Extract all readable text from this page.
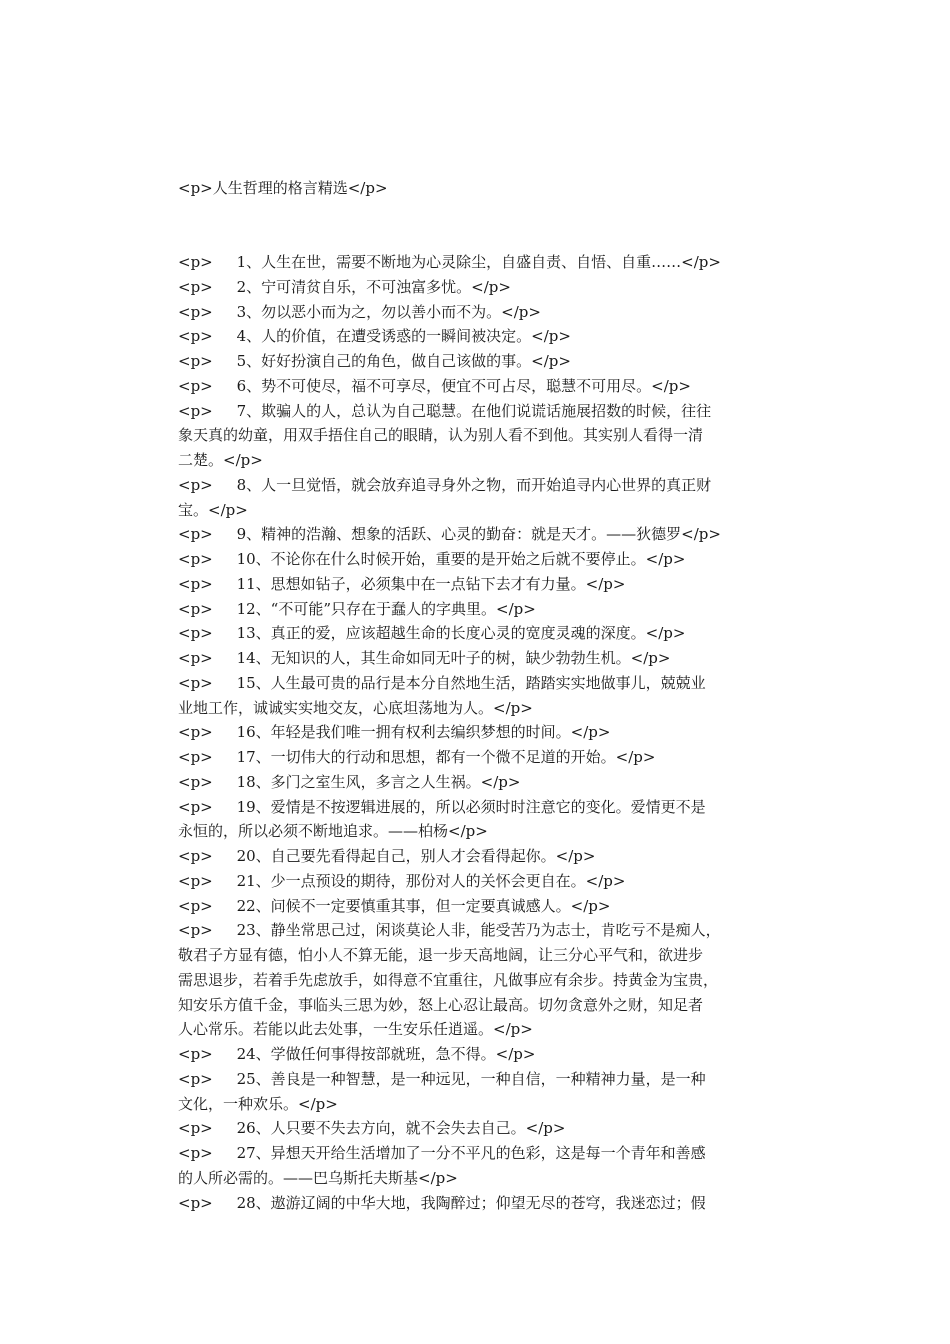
<p>人生哲理的格言精选</p>
<p>     1、人生在世，需要不断地为心灵除尘，自盛自责、自悟、自重……</p>
<p>     2、宁可清贫自乐，不可浊富多忧。</p>
<p>     3、勿以恶小而为之，勿以善小而不为。</p>
<p>     4、人的价值，在遭受诱惑的一瞬间被决定。</p>
<p>     5、好好扮演自己的角色，做自己该做的事。</p>
<p>     6、势不可使尽，福不可享尽，便宜不可占尽，聪慧不可用尽。</p>
<p>     7、欺骗人的人，总认为自己聪慧。在他们说谎话施展招数的时候，往往
象天真的幼童，用双手捂住自己的眼睛，认为别人看不到他。其实别人看得一清
二楚。</p>
<p>     8、人一旦觉悟，就会放弃追寻身外之物，而开始追寻内心世界的真正财
宝。</p>
<p>     9、精神的浩瀚、想象的活跃、心灵的勤奋：就是天才。——狄德罗</p>
<p>     10、不论你在什么时候开始，重要的是开始之后就不要停止。</p>
<p>     11、思想如钻子，必须集中在一点钻下去才有力量。</p>
<p>     12、“不可能”只存在于蠢人的字典里。</p>
<p>     13、真正的爱，应该超越生命的长度心灵的宽度灵魂的深度。</p>
<p>     14、无知识的人，其生命如同无叶子的树，缺少勃勃生机。</p>
<p>     15、人生最可贵的品行是本分自然地生活，踏踏实实地做事儿，兢兢业
业地工作，诚诚实实地交友，心底坦荡地为人。</p>
<p>     16、年轻是我们唯一拥有权利去编织梦想的时间。</p>
<p>     17、一切伟大的行动和思想，都有一个微不足道的开始。</p>
<p>     18、多门之室生风，多言之人生祸。</p>
<p>     19、爱情是不按逻辑进展的，所以必须时时注意它的变化。爱情更不是
永恒的，所以必须不断地追求。——柏杨</p>
<p>     20、自己要先看得起自己，别人才会看得起你。</p>
<p>     21、少一点预设的期待，那份对人的关怀会更自在。</p>
<p>     22、问候不一定要慎重其事，但一定要真诚感人。</p>
<p>     23、静坐常思己过，闲谈莫论人非，能受苦乃为志士，肯吃亏不是痴人，
敬君子方显有德，怕小人不算无能，退一步天高地阔，让三分心平气和，欲进步
需思退步，若着手先虑放手，如得意不宜重往，凡做事应有余步。持黄金为宝贵，
知安乐方值千金，事临头三思为妙，怒上心忍让最高。切勿贪意外之财，知足者
人心常乐。若能以此去处事，一生安乐任逍遥。</p>
<p>     24、学做任何事得按部就班，急不得。</p>
<p>     25、善良是一种智慧，是一种远见，一种自信，一种精神力量，是一种
文化，一种欢乐。</p>
<p>     26、人只要不失去方向，就不会失去自己。</p>
<p>     27、异想天开给生活增加了一分不平凡的色彩，这是每一个青年和善感
的人所必需的。——巴乌斯托夫斯基</p>
<p>     28、遨游辽阔的中华大地，我陶醉过；仰望无尽的苍穹，我迷恋过；假
